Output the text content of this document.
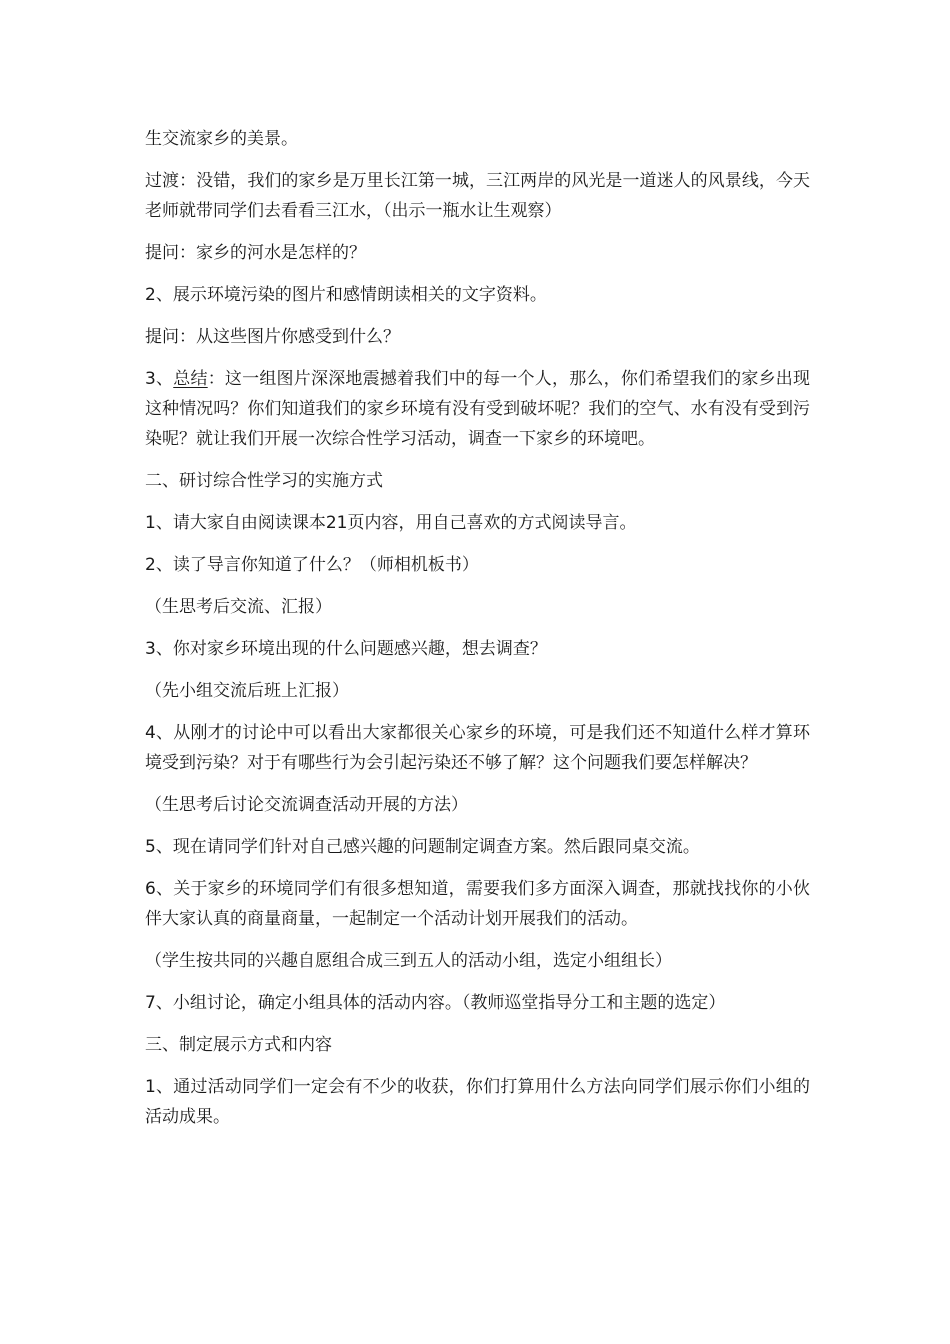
生交流家乡的美景。

过渡：没错，我们的家乡是万里长江第一城，三江两岸的风光是一道迷人的风景线，今天老师就带同学们去看看三江水，（出示一瓶水让生观察）

提问：家乡的河水是怎样的？

2、展示环境污染的图片和感情朗读相关的文字资料。

提问：从这些图片你感受到什么？

3、总结：这一组图片深深地震撼着我们中的每一个人，那么，你们希望我们的家乡出现这种情况吗？你们知道我们的家乡环境有没有受到破坏呢？我们的空气、水有没有受到污染呢？就让我们开展一次综合性学习活动，调查一下家乡的环境吧。

二、研讨综合性学习的实施方式

1、请大家自由阅读课本21页内容，用自己喜欢的方式阅读导言。

2、读了导言你知道了什么？（师相机板书）

（生思考后交流、汇报）

3、你对家乡环境出现的什么问题感兴趣，想去调查？

（先小组交流后班上汇报）

4、从刚才的讨论中可以看出大家都很关心家乡的环境，可是我们还不知道什么样才算环境受到污染？对于有哪些行为会引起污染还不够了解？这个问题我们要怎样解决？

（生思考后讨论交流调查活动开展的方法）

5、现在请同学们针对自己感兴趣的问题制定调查方案。然后跟同桌交流。

6、关于家乡的环境同学们有很多想知道，需要我们多方面深入调查，那就找找你的小伙伴大家认真的商量商量，一起制定一个活动计划开展我们的活动。

（学生按共同的兴趣自愿组合成三到五人的活动小组，选定小组组长）

7、小组讨论，确定小组具体的活动内容。（教师巡堂指导分工和主题的选定）

三、制定展示方式和内容

1、通过活动同学们一定会有不少的收获，你们打算用什么方法向同学们展示你们小组的活动成果。
